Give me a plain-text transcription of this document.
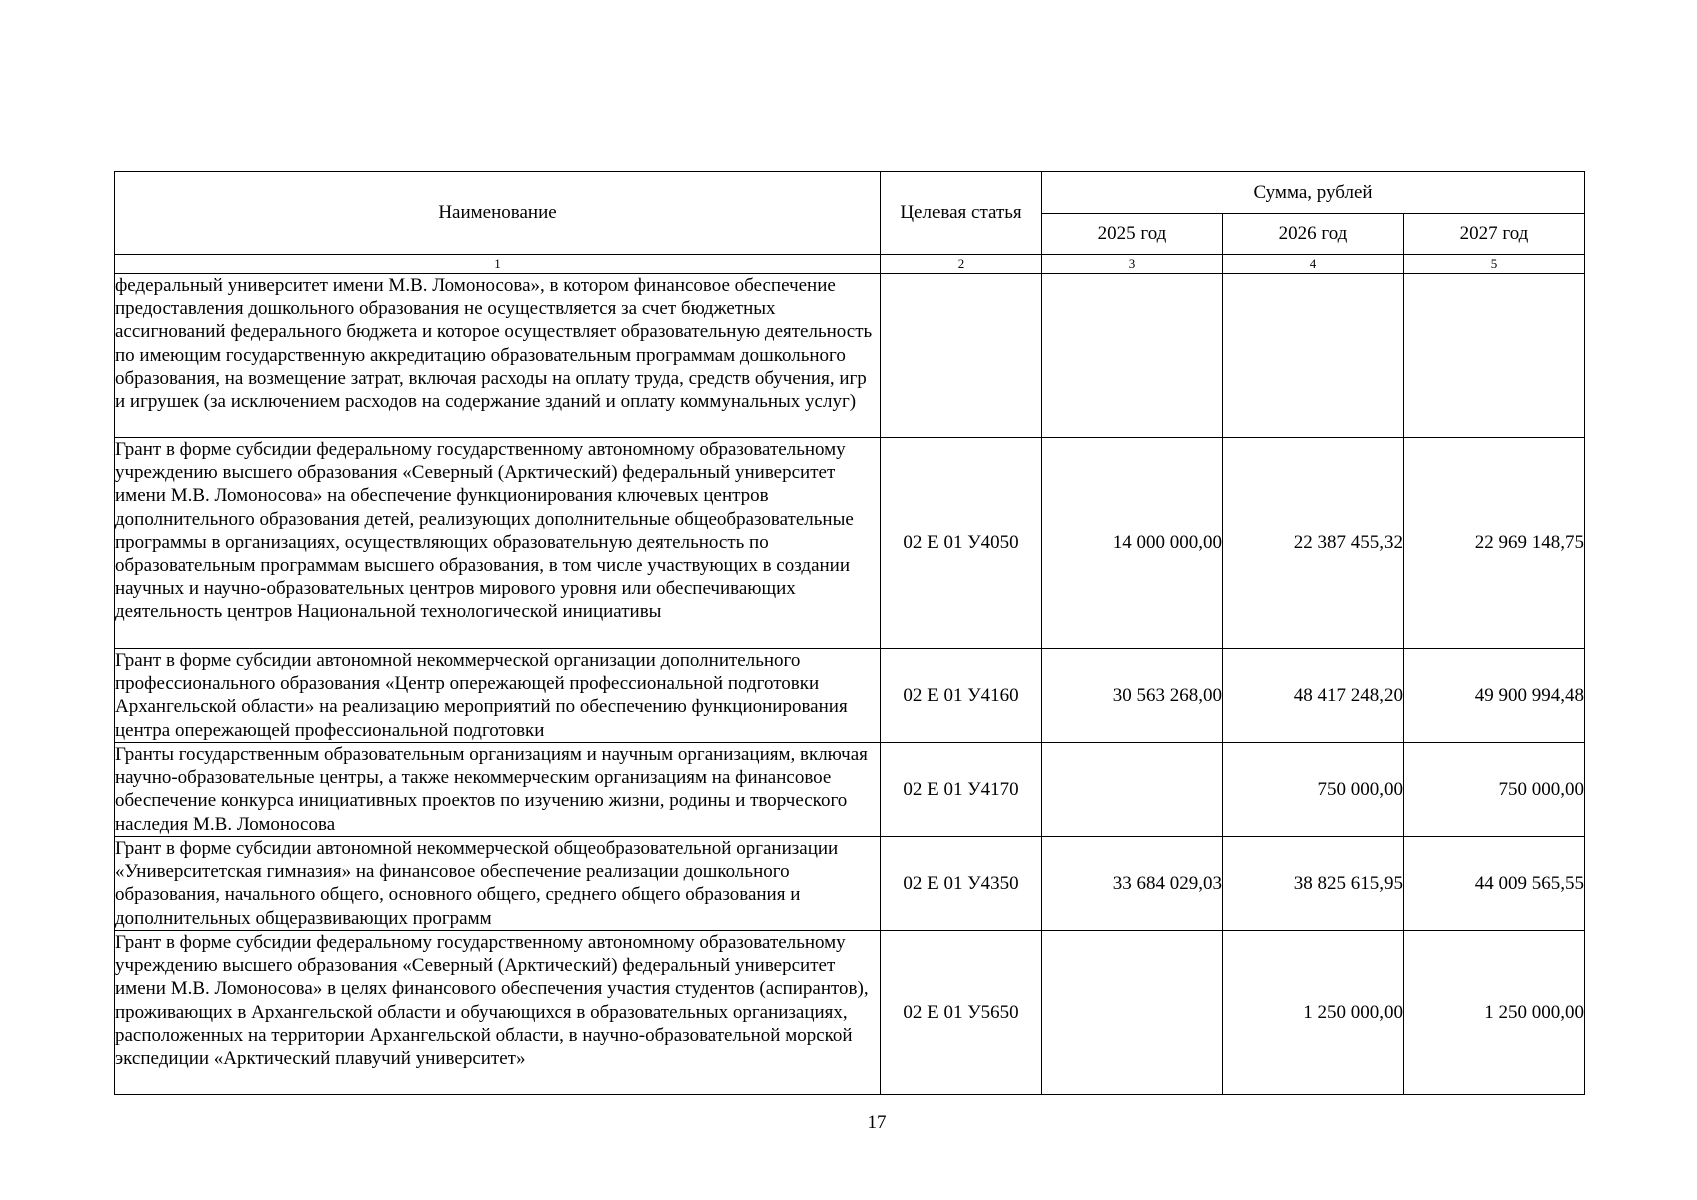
Наименование	Целевая статья	Сумма, рублей		
		2025 год	2026 год	2027 год
1	2	3	4	5
федеральный университет имени М.В. Ломоносова», в котором финансовое обеспечение предоставления дошкольного образования не осуществляется за счет бюджетных ассигнований федерального бюджета и которое осуществляет образовательную деятельность по имеющим государственную аккредитацию образовательным программам дошкольного образования, на возмещение затрат, включая расходы на оплату труда, средств обучения, игр и игрушек (за исключением расходов на содержание зданий и оплату коммунальных услуг)				
Грант в форме субсидии федеральному государственному автономному образовательному учреждению высшего образования «Северный (Арктический) федеральный университет имени М.В. Ломоносова» на обеспечение функционирования ключевых центров дополнительного образования детей, реализующих дополнительные общеобразовательные программы в организациях, осуществляющих образовательную деятельность по образовательным программам высшего образования, в том числе участвующих в создании научных и научно-образовательных центров мирового уровня или обеспечивающих деятельность центров Национальной технологической инициативы	02 Е 01 У4050	14 000 000,00	22 387 455,32	22 969 148,75
Грант в форме субсидии автономной некоммерческой организации дополнительного профессионального образования «Центр опережающей профессиональной подготовки Архангельской области» на реализацию мероприятий по обеспечению функционирования центра опережающей профессиональной подготовки	02 Е 01 У4160	30 563 268,00	48 417 248,20	49 900 994,48
Гранты государственным образовательным организациям и научным организациям, включая научно-образовательные центры, а также некоммерческим организациям на финансовое обеспечение конкурса инициативных проектов по изучению жизни, родины и творческого наследия М.В. Ломоносова	02 Е 01 У4170		750 000,00	750 000,00
Грант в форме субсидии автономной некоммерческой общеобразовательной организации «Университетская гимназия» на финансовое обеспечение реализации дошкольного образования, начального общего, основного общего, среднего общего образования и дополнительных общеразвивающих программ	02 Е 01 У4350	33 684 029,03	38 825 615,95	44 009 565,55
Грант в форме субсидии федеральному государственному автономному образовательному учреждению высшего образования «Северный (Арктический) федеральный университет имени М.В. Ломоносова» в целях финансового обеспечения участия студентов (аспирантов), проживающих в Архангельской области и обучающихся в образовательных организациях, расположенных на территории Архангельской области, в научно-образовательной морской экспедиции «Арктический плавучий университет»	02 Е 01 У5650		1 250 000,00	1 250 000,00
17
